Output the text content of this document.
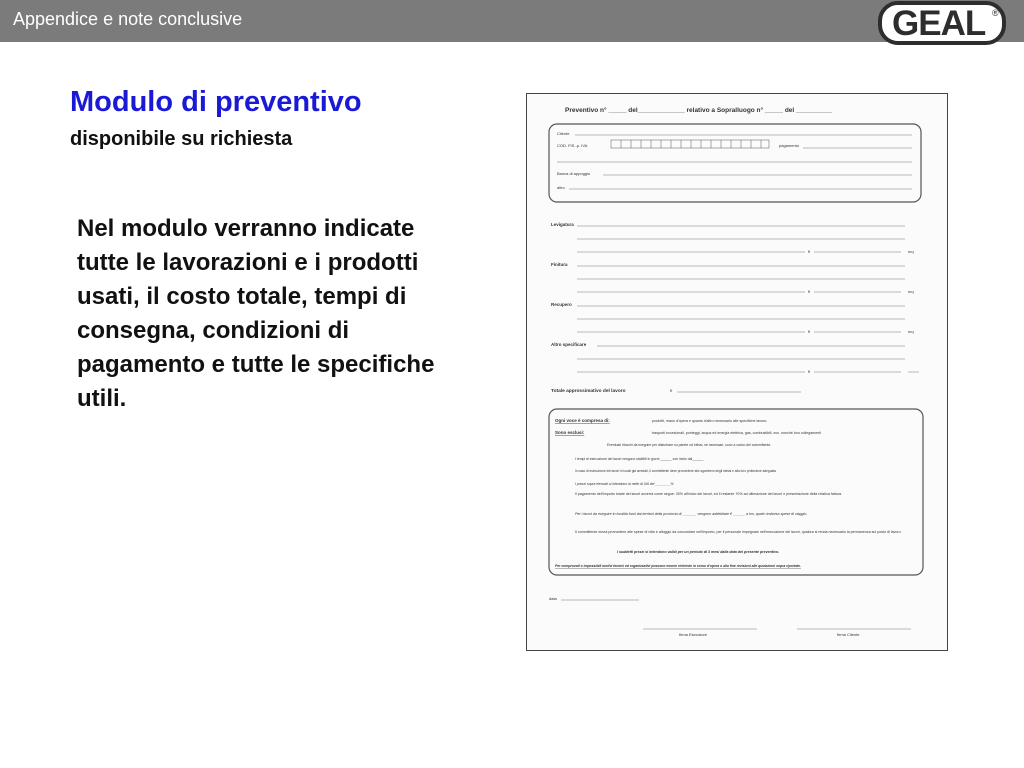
Appendice e note conclusive	GEAL ®
Modulo di preventivo
disponibile su richiesta
Nel modulo verranno indicate tutte le lavorazioni e i prodotti usati, il costo totale, tempi di consegna, condizioni di pagamento e tutte le specifiche utili.
Preventivo n° _____ del_____________ relativo a Sopralluogo n° _____ del __________
Cliente
COD. FIS.-p. IVA	pagamento
Banca di appoggio
altro
Levigatura
€	mq
Finitura
€	mq
Recupero
€	mq
Altro specificare
€
Totale approssimativo del lavoro	€
Ogni voce è compresa di:	prodotti, mano d'opera e quanto d'altro necessario alle specifiche lavoro.
Sono esclusi:	trasporti eccezionali, ponteggi, acqua ed energia elettrica, gas, combustibili, ecc. nonché loro collegamenti
Eventuali ritocchi da eseguire per disturbare su parete od infissi, se necessari, sono a carico del committente.
I tempi di esecuzione dei lavori vengono stabiliti in giorni ______ con inizio dal______
In caso di esecuzione dei lavori in locali già arredati, il committente deve provvedere allo sgombero degli stessi e alla loro protezione adeguata
I prezzi sopra elencati si intendono al netto di IVA del ________%
Il pagamento dell'importo totale dei lavori avverrà come segue: 30% all'inizio dei lavori, ed il restante 70% ad ultimazione dei lavori o presentazione della relativa fattura.
Per i lavori da eseguire in località fuori dai territori della provincia di _______ vengono addebitate € ______ a km, quale rimborso spese di viaggio.
Il committente dovrà provvedere alle spese di vitto e alloggio da concordare nell'importo, per il personale impegnato nell'esecuzione dei lavori, qualora si renda necessario la permanenza sul posto di lavoro.
I suddetti prezzi si intendono validi per un periodo di 3 mesi dalla data del presente preventivo.
Per comprovati o impossibili motivi tecnici ed organizzativi possono essere richieste in corso d'opera o alla fine revisioni alle quotazioni sopra riportate.
data
firma Esecutore	firma Cliente
